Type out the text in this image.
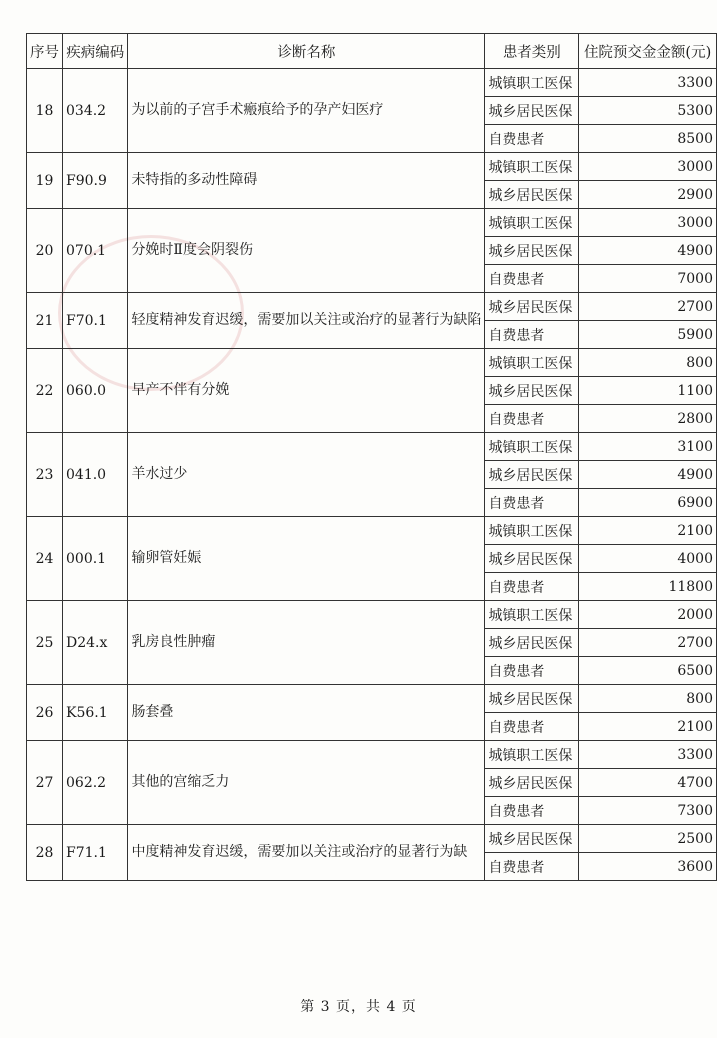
序号	疾病编码	诊断名称	患者类别	住院预交金金额(元)
18	034.2	为以前的子宫手术瘢痕给予的孕产妇医疗	城镇职工医保	3300
			城乡居民医保	5300
			自费患者	8500
19	F90.9	未特指的多动性障碍	城镇职工医保	3000
			城乡居民医保	2900
20	070.1	分娩时Ⅱ度会阴裂伤	城镇职工医保	3000
			城乡居民医保	4900
			自费患者	7000
21	F70.1	轻度精神发育迟缓，需要加以关注或治疗的显著行为缺陷	城乡居民医保	2700
			自费患者	5900
22	060.0	早产不伴有分娩	城镇职工医保	800
			城乡居民医保	1100
			自费患者	2800
23	041.0	羊水过少	城镇职工医保	3100
			城乡居民医保	4900
			自费患者	6900
24	000.1	输卵管妊娠	城镇职工医保	2100
			城乡居民医保	4000
			自费患者	11800
25	D24.x	乳房良性肿瘤	城镇职工医保	2000
			城乡居民医保	2700
			自费患者	6500
26	K56.1	肠套叠	城乡居民医保	800
			自费患者	2100
27	062.2	其他的宫缩乏力	城镇职工医保	3300
			城乡居民医保	4700
			自费患者	7300
28	F71.1	中度精神发育迟缓，需要加以关注或治疗的显著行为缺	城乡居民医保	2500
			自费患者	3600
第 3 页，共 4 页
